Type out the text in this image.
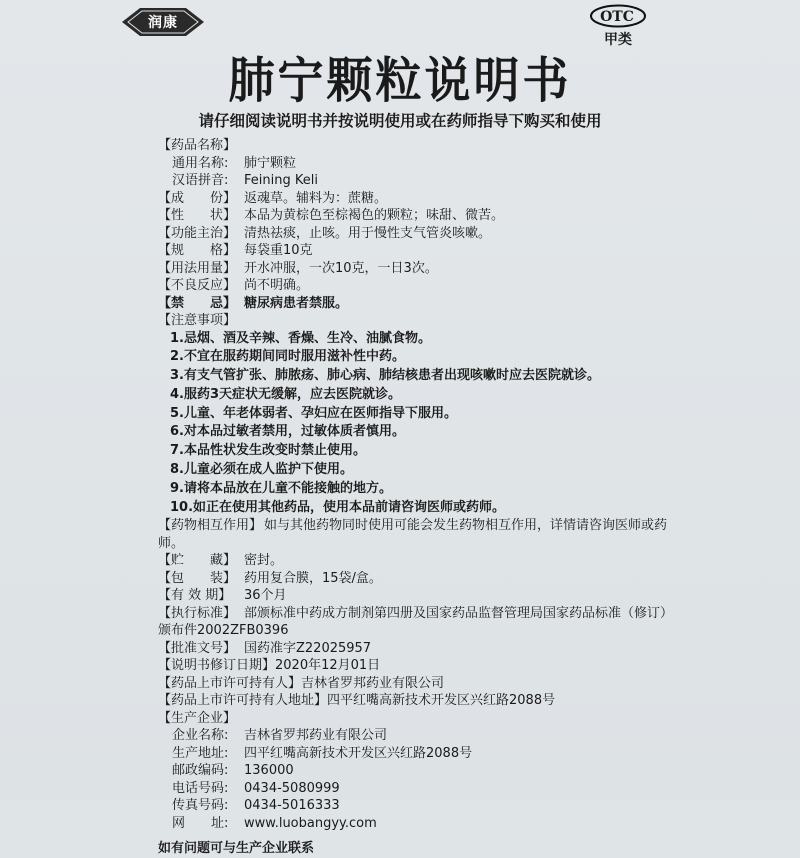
润康	OTC
甲类
肺宁颗粒说明书
请仔细阅读说明书并按说明使用或在药师指导下购买和使用
【药品名称】
通用名称: 肺宁颗粒
汉语拼音: Feining Keli
【成　　份】 返魂草。辅料为：蔗糖。
【性　　状】 本品为黄棕色至棕褐色的颗粒；味甜、微苦。
【功能主治】 清热祛痰，止咳。用于慢性支气管炎咳嗽。
【规　　格】 每袋重10克
【用法用量】 开水冲服，一次10克，一日3次。
【不良反应】 尚不明确。
【禁　　忌】 糖尿病患者禁服。
【注意事项】
1.忌烟、酒及辛辣、香燥、生冷、油腻食物。
2.不宜在服药期间同时服用滋补性中药。
3.有支气管扩张、肺脓疡、肺心病、肺结核患者出现咳嗽时应去医院就诊。
4.服药3天症状无缓解，应去医院就诊。
5.儿童、年老体弱者、孕妇应在医师指导下服用。
6.对本品过敏者禁用，过敏体质者慎用。
7.本品性状发生改变时禁止使用。
8.儿童必须在成人监护下使用。
9.请将本品放在儿童不能接触的地方。
10.如正在使用其他药品，使用本品前请咨询医师或药师。
【药物相互作用】 如与其他药物同时使用可能会发生药物相互作用，详情请咨询医师或药师。
【贮　　藏】 密封。
【包　　装】 药用复合膜，15袋/盒。
【有 效 期】 36个月
【执行标准】 部颁标准中药成方制剂第四册及国家药品监督管理局国家药品标准（修订）颁布件2002ZFB0396
【批准文号】 国药准字Z22025957
【说明书修订日期】2020年12月01日
【药品上市许可持有人】吉林省罗邦药业有限公司
【药品上市许可持有人地址】四平红嘴高新技术开发区兴红路2088号
【生产企业】
企业名称: 吉林省罗邦药业有限公司
生产地址: 四平红嘴高新技术开发区兴红路2088号
邮政编码: 136000
电话号码: 0434-5080999
传真号码: 0434-5016333
网　　址: www.luobangyy.com
如有问题可与生产企业联系
